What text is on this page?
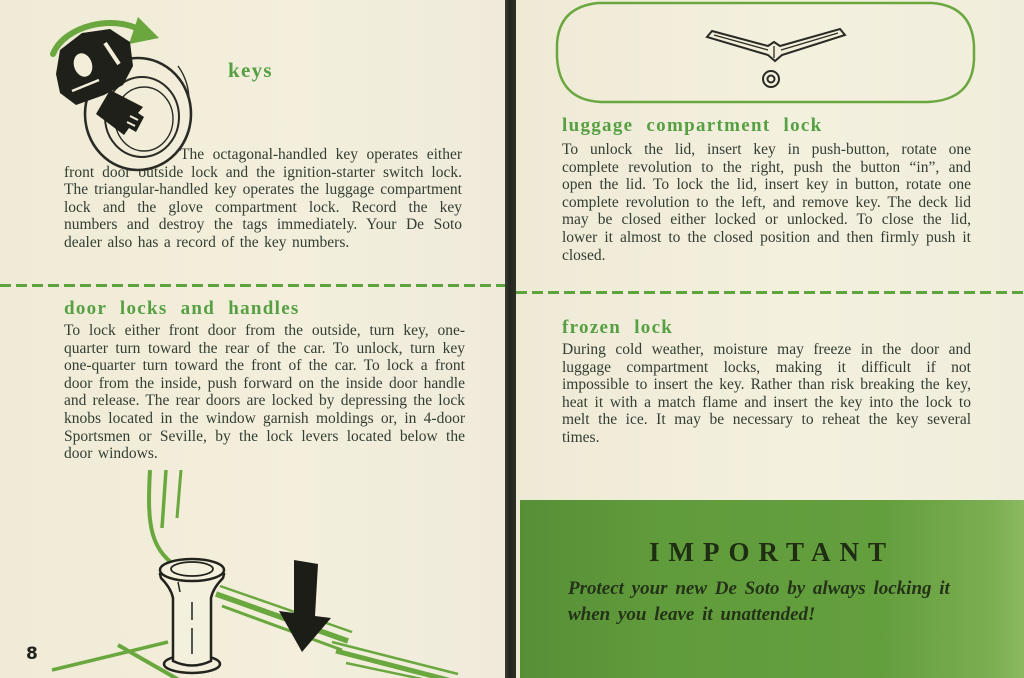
keys

The octagonal-handled key operates either front door outside lock and the ignition-starter switch lock. The triangular-handled key operates the luggage compartment lock and the glove compartment lock. Record the key numbers and destroy the tags immediately. Your De Soto dealer also has a record of the key numbers.

door locks and handles

To lock either front door from the outside, turn key, one-quarter turn toward the rear of the car. To unlock, turn key one-quarter turn toward the front of the car. To lock a front door from the inside, push forward on the inside door handle and release. The rear doors are locked by depressing the lock knobs located in the window garnish moldings or, in 4-door Sportsmen or Seville, by the lock levers located below the door windows.

8
luggage compartment lock

To unlock the lid, insert key in push-button, rotate one complete revolution to the right, push the button “in”, and open the lid. To lock the lid, insert key in button, rotate one complete revolution to the left, and remove key. The deck lid may be closed either locked or unlocked. To close the lid, lower it almost to the closed position and then firmly push it closed.

frozen lock

During cold weather, moisture may freeze in the door and luggage compartment locks, making it difficult if not impossible to insert the key. Rather than risk breaking the key, heat it with a match flame and insert the key into the lock to melt the ice. It may be necessary to reheat the key several times.

IMPORTANT
Protect your new De Soto by always locking it when you leave it unattended!
